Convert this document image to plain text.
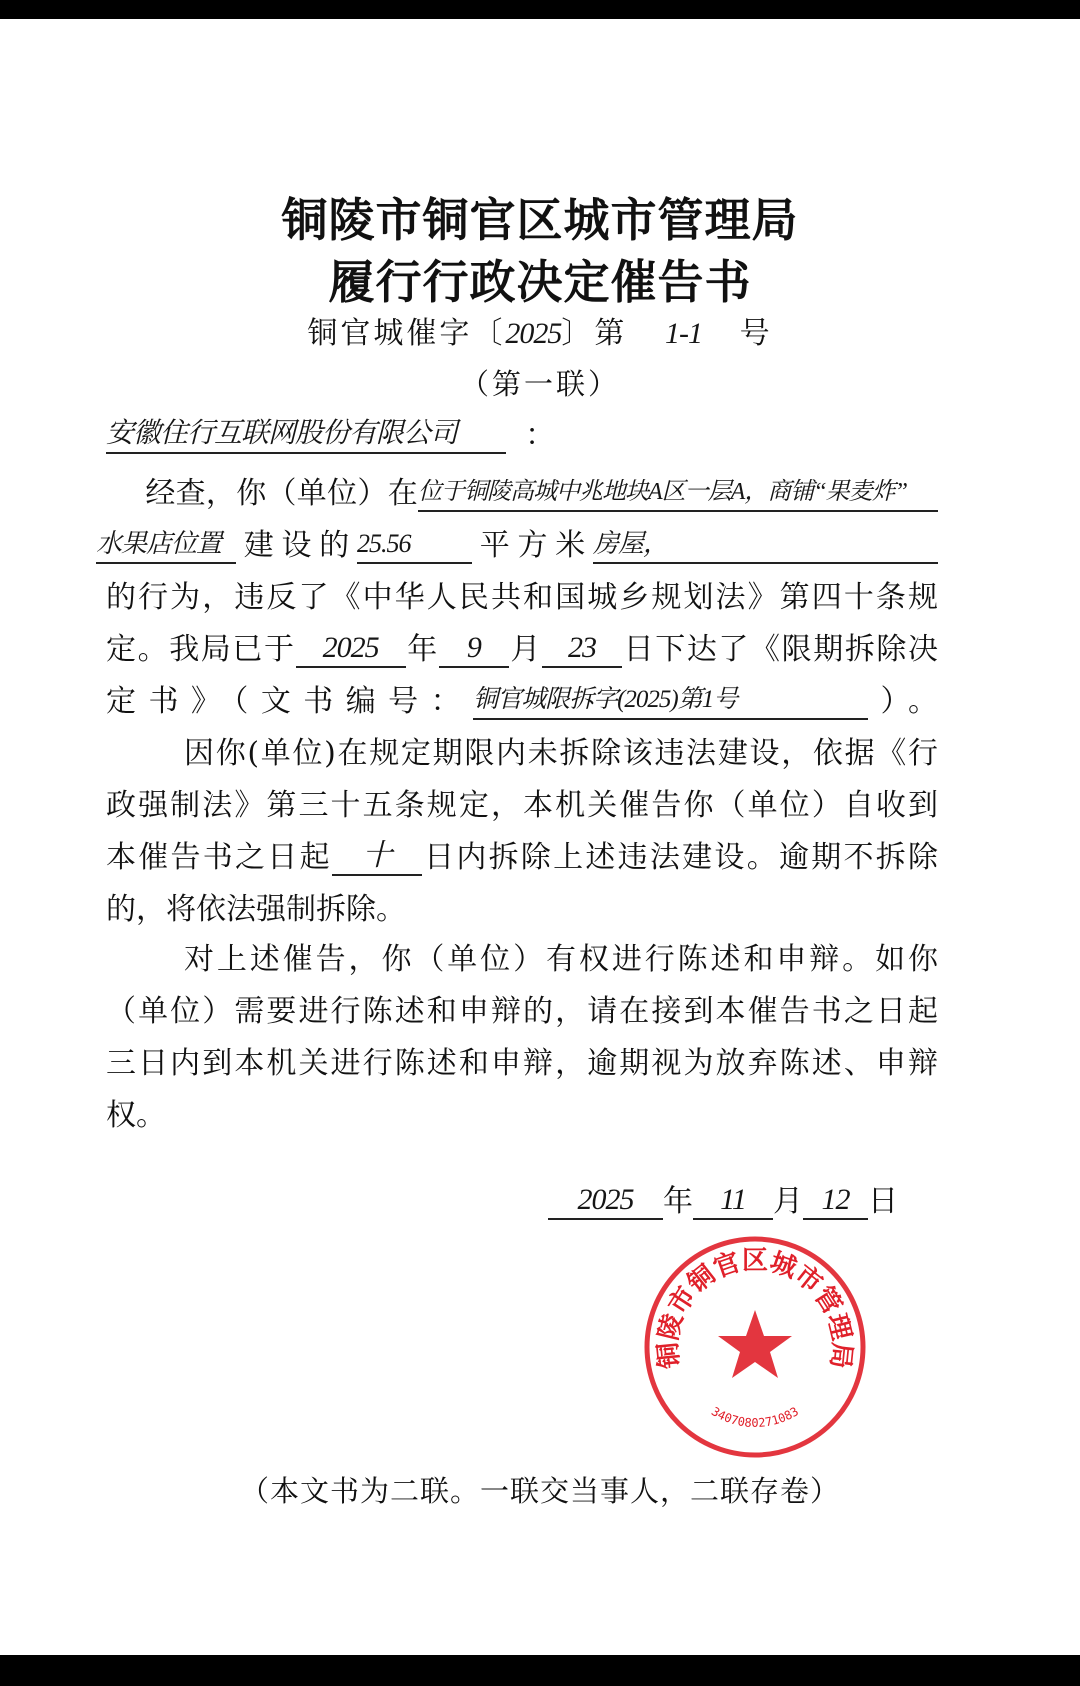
铜陵市铜官区城市管理局
履行行政决定催告书
铜官城催字〔2025〕第 1-1 号
（第一联）
安徽住行互联网股份有限公司 ：
经查，你（单位）在位于铜陵高城中兆地块A区一层A，商铺“果麦炸”
水果店位置 建设的25.56 平方米房屋，
的行为，违反了《中华人民共和国城乡规划法》第四十条规
定。我局已于 2025 年 9 月 23 日下达了《限期拆除决
定书》（文书编号：铜官城限拆字(2025)第1号	）。
因你(单位)在规定期限内未拆除该违法建设，依据《行
政强制法》第三十五条规定，本机关催告你（单位）自收到
本催告书之日起 十 日内拆除上述违法建设。逾期不拆除
的，将依法强制拆除。
对上述催告，你（单位）有权进行陈述和申辩。如你
（单位）需要进行陈述和申辩的，请在接到本催告书之日起
三日内到本机关进行陈述和申辩，逾期视为放弃陈述、申辩
权。
2025 年 11 月 12 日
铜陵市铜官区城市管理局
3407080271083
（本文书为二联。一联交当事人，二联存卷）
